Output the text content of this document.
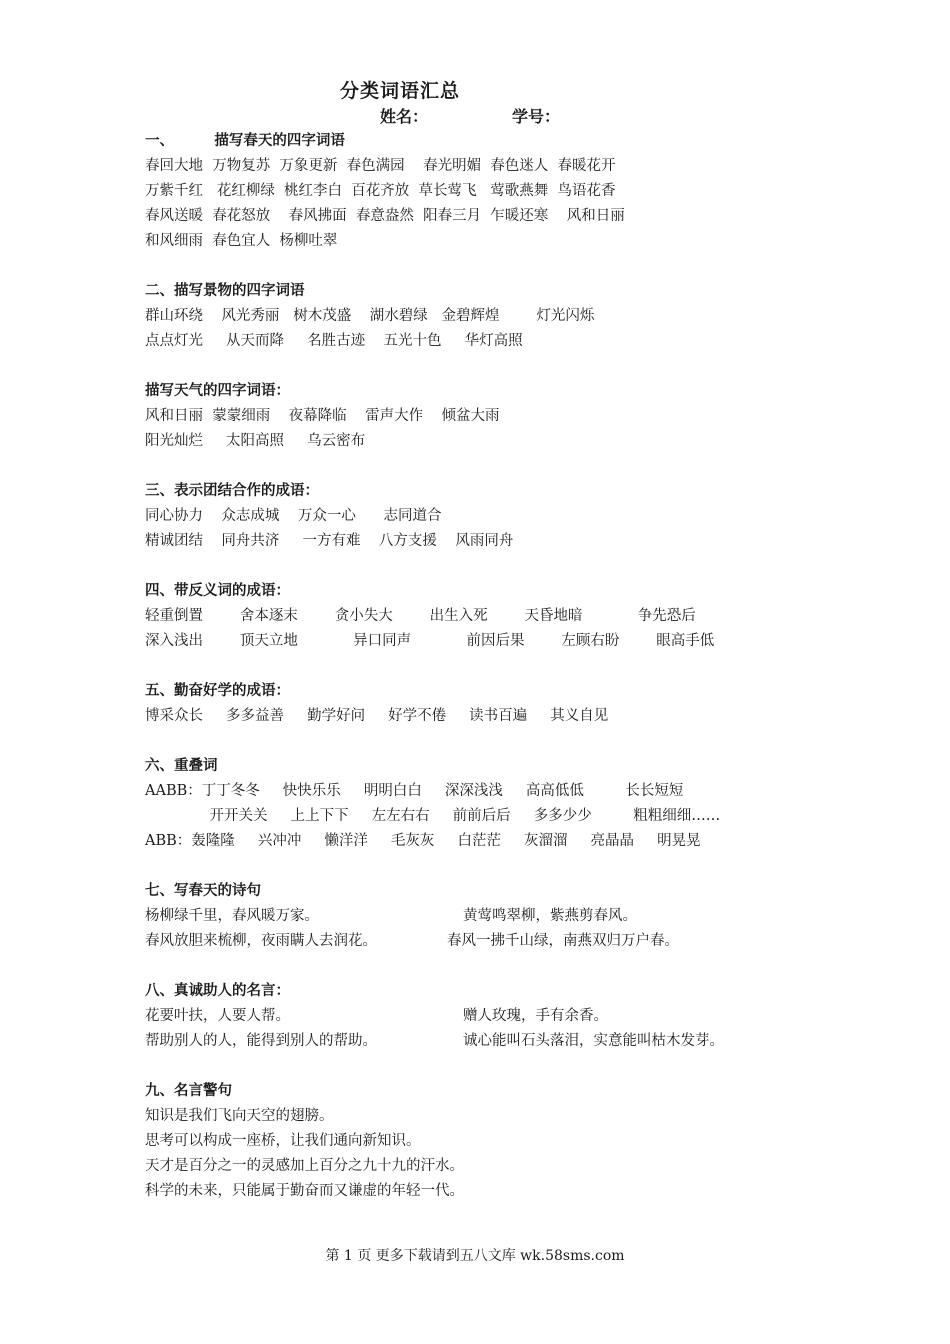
分类词语汇总
姓名：	学号：
一、        描写春天的四字词语
春回大地  万物复苏  万象更新  春色满园    春光明媚  春色迷人  春暖花开
万紫千红   花红柳绿  桃红李白  百花齐放  草长莺飞   莺歌燕舞  鸟语花香
春风送暖  春花怒放    春风拂面  春意盎然  阳春三月  乍暖还寒    风和日丽
和风细雨  春色宜人  杨柳吐翠
二、描写景物的四字词语
群山环绕    风光秀丽   树木茂盛    湖水碧绿   金碧辉煌        灯光闪烁
点点灯光     从天而降     名胜古迹    五光十色     华灯高照
描写天气的四字词语：
风和日丽  蒙蒙细雨    夜幕降临    雷声大作    倾盆大雨
阳光灿烂     太阳高照     乌云密布
三、表示团结合作的成语：
同心协力    众志成城    万众一心      志同道合
精诚团结    同舟共济     一方有难    八方支援    风雨同舟
四、带反义词的成语：
轻重倒置        舍本逐末        贪小失大        出生入死        天昏地暗            争先恐后
深入浅出        顶天立地            异口同声            前因后果        左顾右盼        眼高手低
五、勤奋好学的成语：
博采众长     多多益善     勤学好问     好学不倦     读书百遍     其义自见
六、重叠词
AABB：丁丁冬冬     快快乐乐     明明白白     深深浅浅     高高低低         长长短短
开开关关     上上下下     左左右右     前前后后     多多少少         粗粗细细……
ABB：轰隆隆     兴冲冲     懒洋洋     毛灰灰     白茫茫     灰溜溜     亮晶晶     明晃晃
七、写春天的诗句
杨柳绿千里，春风暖万家。	黄莺鸣翠柳，紫燕剪春风。
春风放胆来梳柳，夜雨瞒人去润花。	春风一拂千山绿，南燕双归万户春。
八、真诚助人的名言：
花要叶扶，人要人帮。	赠人玫瑰，手有余香。
帮助别人的人，能得到别人的帮助。	诚心能叫石头落泪，实意能叫枯木发芽。
九、名言警句
知识是我们飞向天空的翅膀。
思考可以构成一座桥，让我们通向新知识。
天才是百分之一的灵感加上百分之九十九的汗水。
科学的未来，只能属于勤奋而又谦虚的年轻一代。
第 1 页 更多下载请到五八文库 wk.58sms.com
